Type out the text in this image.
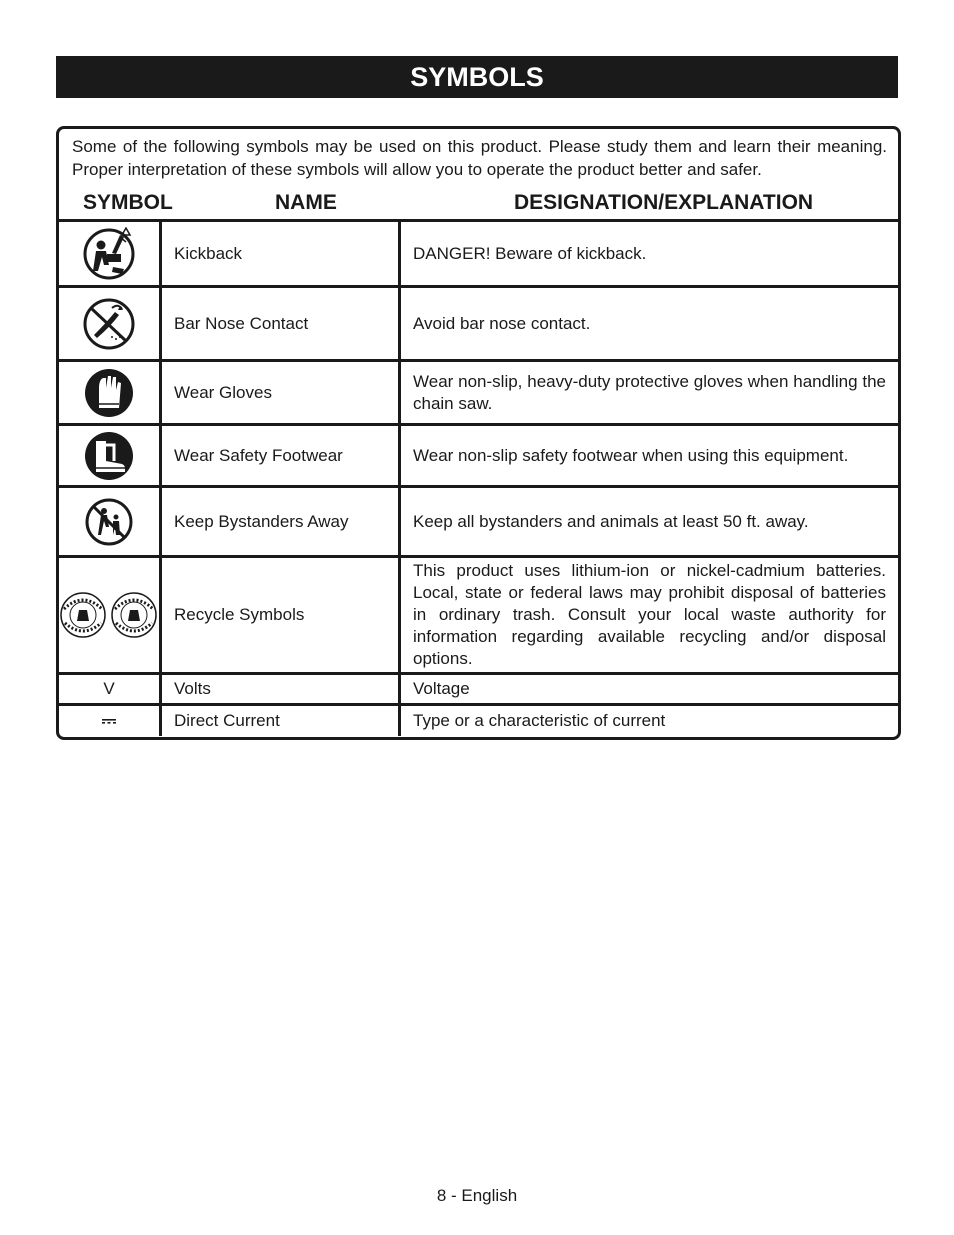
SYMBOLS
Some of the following symbols may be used on this product. Please study them and learn their meaning. Proper interpretation of these symbols will allow you to operate the product better and safer.
SYMBOL	NAME	DESIGNATION/EXPLANATION
	Kickback	DANGER! Beware of kickback.

	Bar Nose Contact	Avoid bar nose contact.

	Wear Gloves	Wear non-slip, heavy-duty protective gloves when handling the chain saw.

	Wear Safety Footwear	Wear non-slip safety footwear when using this equipment.

	Keep Bystanders Away	Keep all bystanders and animals at least 50 ft. away.

	Recycle Symbols	This product uses lithium-ion or nickel-cadmium batteries. Local, state or federal laws may prohibit disposal of batteries in ordinary trash. Consult your local waste authority for information regarding available recycling and/or disposal options.
V	Volts	Voltage

	Direct Current	Type or a characteristic of current
8 - English
